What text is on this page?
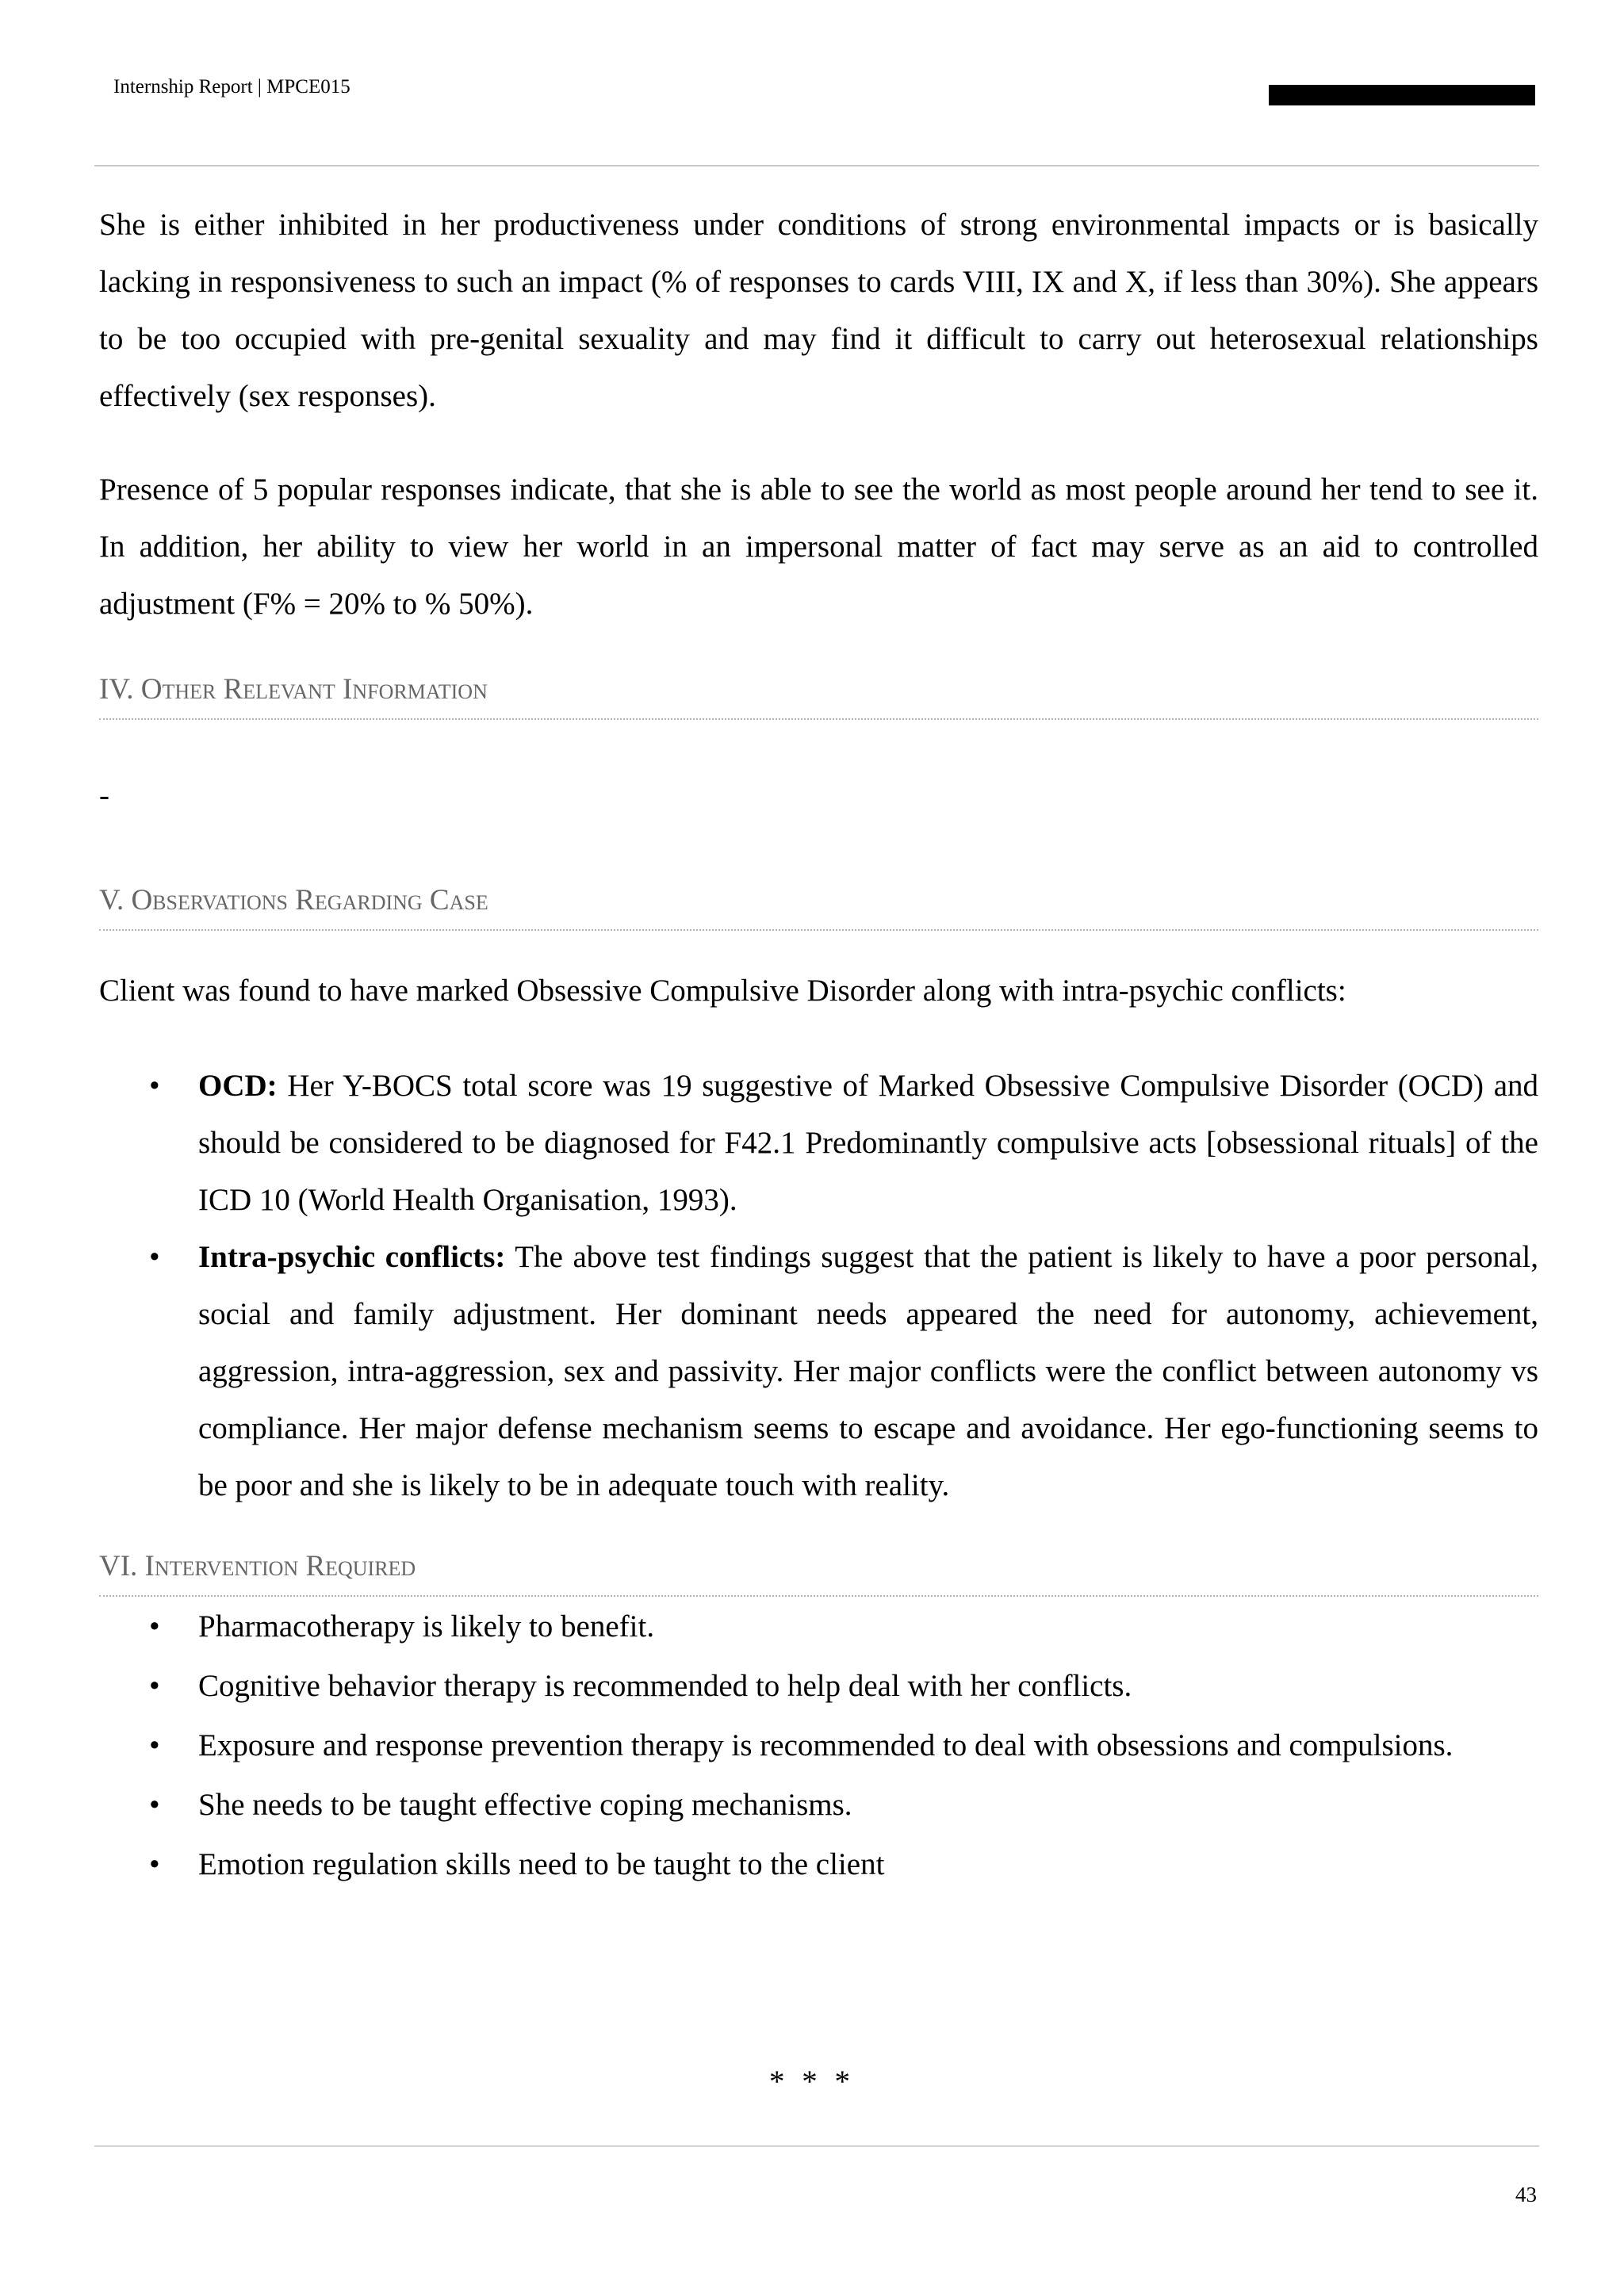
Internship Report | MPCE015

She is either inhibited in her productiveness under conditions of strong environmental impacts or is basically lacking in responsiveness to such an impact (% of responses to cards VIII, IX and X, if less than 30%). She appears to be too occupied with pre-genital sexuality and may find it difficult to carry out heterosexual relationships effectively (sex responses).

Presence of 5 popular responses indicate, that she is able to see the world as most people around her tend to see it. In addition, her ability to view her world in an impersonal matter of fact may serve as an aid to controlled adjustment (F% = 20% to % 50%).

IV. Other Relevant Information
-
V. Observations Regarding Case

Client was found to have marked Obsessive Compulsive Disorder along with intra-psychic conflicts:

• OCD: Her Y-BOCS total score was 19 suggestive of Marked Obsessive Compulsive Disorder (OCD) and should be considered to be diagnosed for F42.1 Predominantly compulsive acts [obsessional rituals] of the ICD 10 (World Health Organisation, 1993).
• Intra-psychic conflicts: The above test findings suggest that the patient is likely to have a poor personal, social and family adjustment. Her dominant needs appeared the need for autonomy, achievement, aggression, intra-aggression, sex and passivity. Her major conflicts were the conflict between autonomy vs compliance. Her major defense mechanism seems to escape and avoidance. Her ego-functioning seems to be poor and she is likely to be in adequate touch with reality.
VI. Intervention Required
• Pharmacotherapy is likely to benefit.
• Cognitive behavior therapy is recommended to help deal with her conflicts.
• Exposure and response prevention therapy is recommended to deal with obsessions and compulsions.
• She needs to be taught effective coping mechanisms.
• Emotion regulation skills need to be taught to the client
* * *
43
